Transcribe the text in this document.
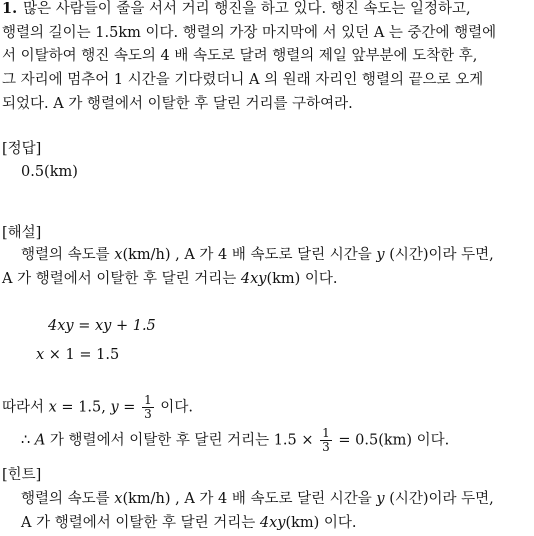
1. 많은 사람들이 줄을 서서 거리 행진을 하고 있다. 행진 속도는 일정하고,
행렬의 길이는 1.5km 이다. 행렬의 가장 마지막에 서 있던 A 는 중간에 행렬에
서 이탈하여 행진 속도의 4 배 속도로 달려 행렬의 제일 앞부분에 도착한 후,
그 자리에 멈추어 1 시간을 기다렸더니 A 의 원래 자리인 행렬의 끝으로 오게
되었다. A 가 행렬에서 이탈한 후 달린 거리를 구하여라.
[정답]
0.5(km)
[해설]
행렬의 속도를 x(km/h) , A 가 4 배 속도로 달린 시간을 y (시간)이라 두면,
A 가 행렬에서 이탈한 후 달린 거리는 4xy(km) 이다.
4xy = xy + 1.5
x × 1 = 1.5
따라서 x = 1.5, $y = \frac{1}{3}$ 이다.
∴ A 가 행렬에서 이탈한 후 달린 거리는 $1.5 \times \frac{1}{3} = 0.5(km)$ 이다.
[힌트]
행렬의 속도를 x(km/h) , A 가 4 배 속도로 달린 시간을 y (시간)이라 두면,
A 가 행렬에서 이탈한 후 달린 거리는 4xy(km) 이다.
